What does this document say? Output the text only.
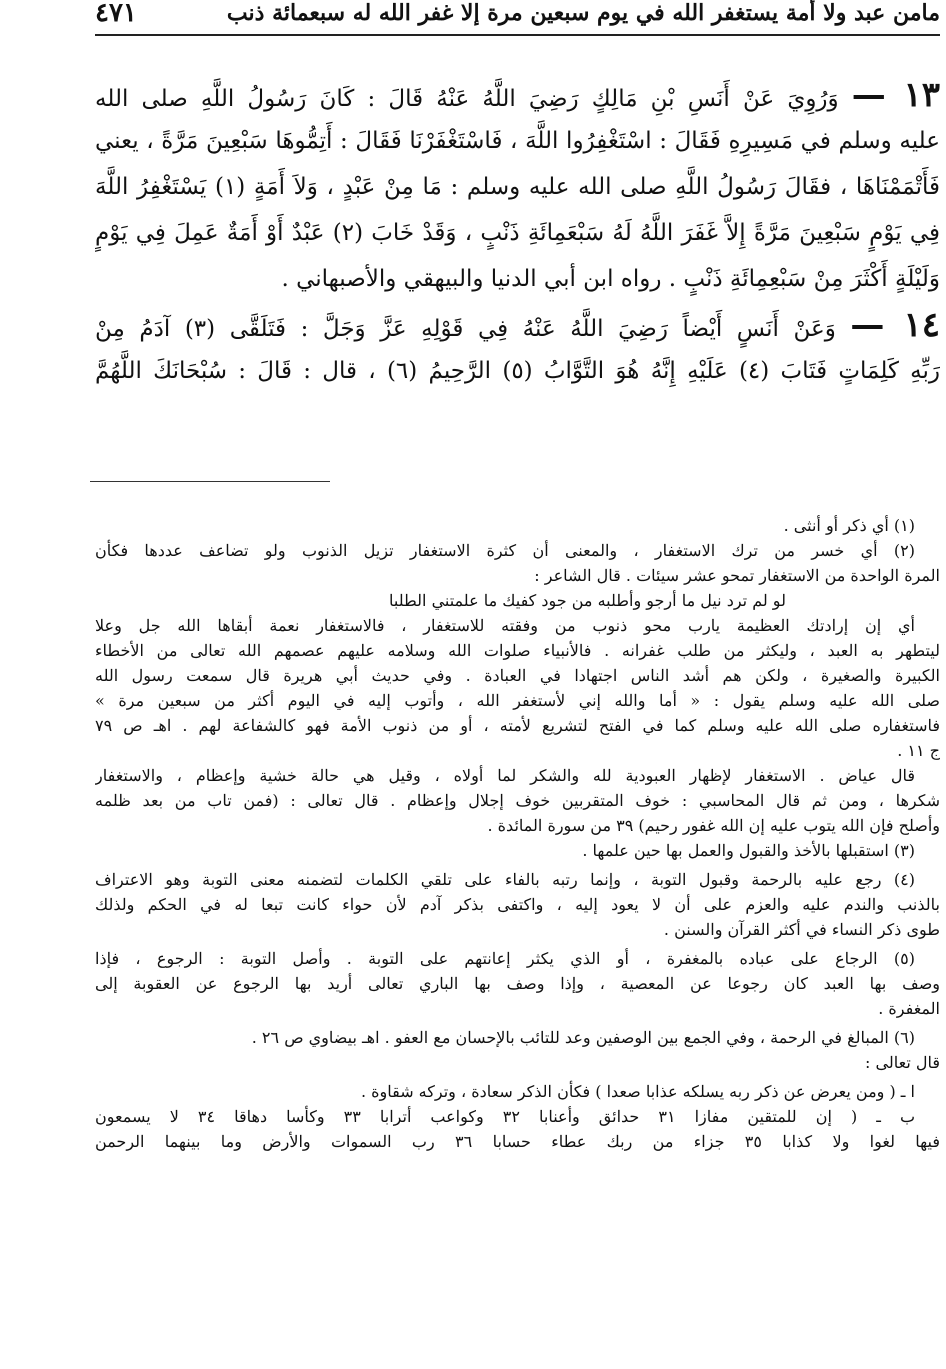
مامن عبد ولا أمة يستغفر الله في يوم سبعين مرة إلا غفر الله له سبعمائة ذنب
٤٧١
١٣ — وَرُوِيَ عَنْ أَنَسِ بْنِ مَالِكٍ رَضِيَ اللَّهُ عَنْهُ قَالَ : كَانَ رَسُولُ اللَّهِ صلى الله
عليه وسلم في مَسِيرِهِ فَقَالَ : اسْتَغْفِرُوا اللَّهَ ، فَاسْتَغْفَرْنَا فَقَالَ : أَتِمُّوهَا سَبْعِينَ مَرَّةً ، يعني
فَأَتْمَمْنَاهَا ، فقَالَ رَسُولُ اللَّهِ صلى الله عليه وسلم : مَا مِنْ عَبْدٍ ، وَلاَ أَمَةٍ (١) يَسْتَغْفِرُ اللَّهَ
فِي يَوْمٍ سَبْعِينَ مَرَّةً إِلاَّ غَفَرَ اللَّهُ لَهُ سَبْعَمِائَةِ ذَنْبٍ ، وَقَدْ خَابَ (٢) عَبْدٌ أَوْ أَمَةٌ عَمِلَ فِي يَوْمٍ
وَلَيْلَةٍ أَكْثَرَ مِنْ سَبْعِمِائَةِ ذَنْبٍ . رواه ابن أبي الدنيا والبيهقي والأصبهاني .
١٤ — وَعَنْ أَنَسٍ أَيْضاً رَضِيَ اللَّهُ عَنْهُ فِي قَوْلِهِ عَزَّ وَجَلَّ : فَتَلَقَّى (٣) آدَمُ مِنْ
رَبِّهِ كَلِمَاتٍ فَتَابَ (٤) عَلَيْهِ إِنَّهُ هُوَ التَّوَّابُ (٥) الرَّحِيمُ (٦) ، قال : قَالَ : سُبْحَانَكَ اللَّهُمَّ
(١) أي ذكر أو أنثى .
(٢) أي خسر من ترك الاستغفار ، والمعنى أن كثرة الاستغفار تزيل الذنوب ولو تضاعف عددها فكأن
المرة الواحدة من الاستغفار تمحو عشر سيئات . قال الشاعر :
لو لم ترد نيل ما أرجو وأطلبه من جود كفيك ما علمتني الطلبا
أي إن إرادتك العظيمة يارب محو ذنوب من وفقته للاستغفار ، فالاستغفار نعمة أبقاها الله جل وعلا
ليتطهر به العبد ، وليكثر من طلب غفرانه . فالأنبياء صلوات الله وسلامه عليهم عصمهم الله تعالى من الأخطاء
الكبيرة والصغيرة ، ولكن هم أشد الناس اجتهادا في العبادة . وفي حديث أبي هريرة قال سمعت رسول الله
صلى الله عليه وسلم يقول : « أما والله إني لأستغفر الله ، وأتوب إليه في اليوم أكثر من سبعين مرة »
فاستغفاره صلى الله عليه وسلم كما في الفتح لتشريع لأمته ، أو من ذنوب الأمة فهو كالشفاعة لهم . اهـ ص ٧٩
ج ١١ .
قال عياض . الاستغفار لإظهار العبودية لله والشكر لما أولاه ، وقيل هي حالة خشية وإعظام ، والاستغفار
شكرها ، ومن ثم قال المحاسبي : خوف المتقربين خوف إجلال وإعظام . قال تعالى : (فمن تاب من بعد ظلمه
وأصلح فإن الله يتوب عليه إن الله غفور رحيم) ٣٩ من سورة المائدة .
(٣) استقبلها بالأخذ والقبول والعمل بها حين علمها .
(٤) رجع عليه بالرحمة وقبول التوبة ، وإنما رتبه بالفاء على تلقي الكلمات لتضمنه معنى التوبة وهو الاعتراف
بالذنب والندم عليه والعزم على أن لا يعود إليه ، واكتفى بذكر آدم لأن حواء كانت تبعا له في الحكم ولذلك
طوى ذكر النساء في أكثر القرآن والسنن .
(٥) الرجاع على عباده بالمغفرة ، أو الذي يكثر إعانتهم على التوبة . وأصل التوبة : الرجوع ، فإذا
وصف بها العبد كان رجوعا عن المعصية ، وإذا وصف بها الباري تعالى أريد بها الرجوع عن العقوبة إلى
المغفرة .
(٦) المبالغ في الرحمة ، وفي الجمع بين الوصفين وعد للتائب بالإحسان مع العفو . اهـ بيضاوي ص ٢٦ .
قال تعالى :
ا ـ ( ومن يعرض عن ذكر ربه يسلكه عذابا صعدا ) فكأن الذكر سعادة ، وتركه شقاوة .
ب ـ ( إن للمتقين مفازا ٣١ حدائق وأعنابا ٣٢ وكواعب أترابا ٣٣ وكأسا دهاقا ٣٤ لا يسمعون
فيها لغوا ولا كذابا ٣٥ جزاء من ربك عطاء حسابا ٣٦ رب السموات والأرض وما بينهما الرحمن
